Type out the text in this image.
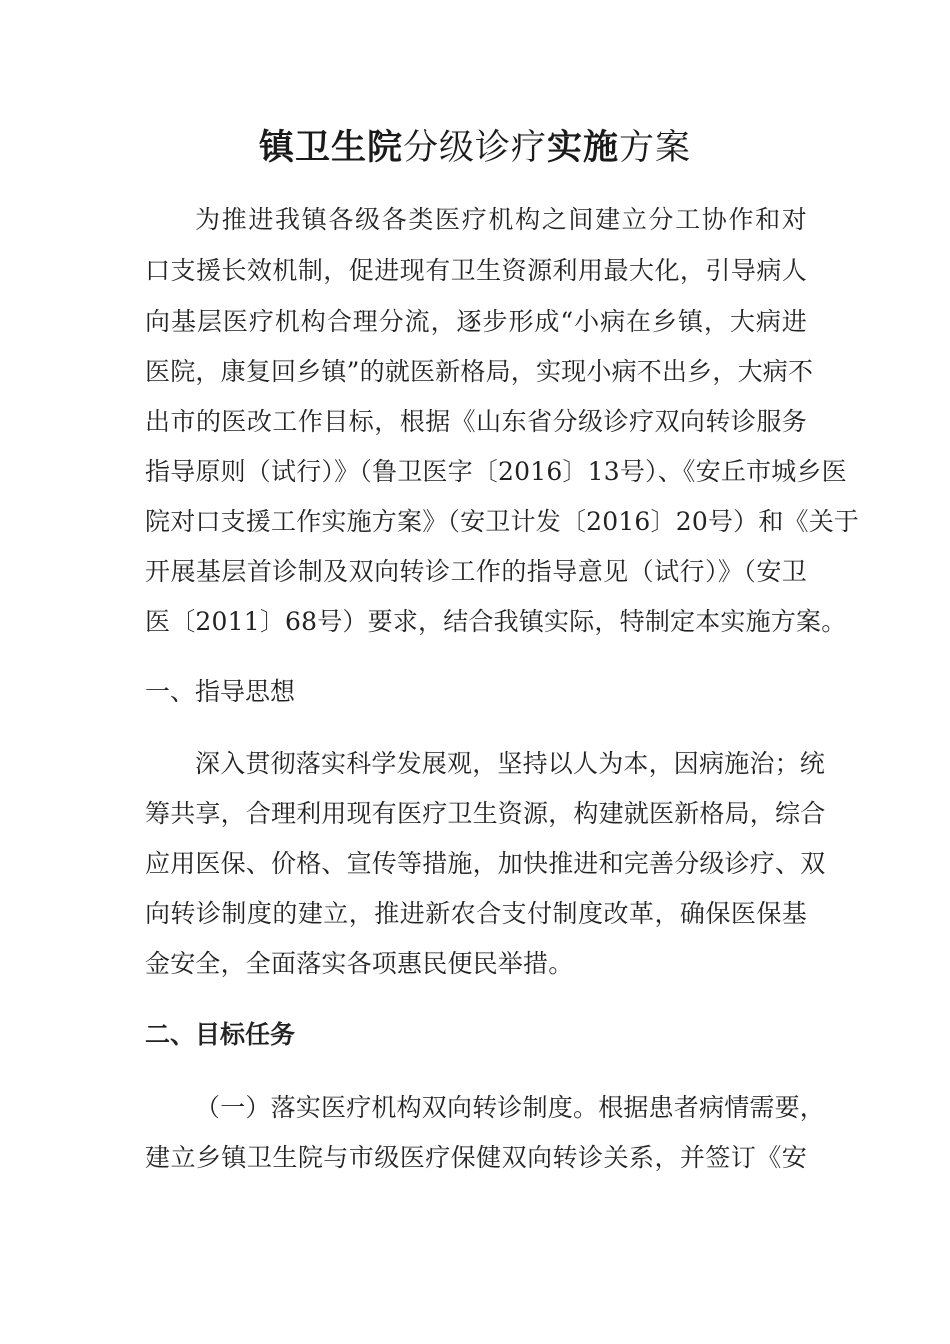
镇卫生院分级诊疗实施方案
为推进我镇各级各类医疗机构之间建立分工协作和对
口支援长效机制，促进现有卫生资源利用最大化，引导病人
向基层医疗机构合理分流，逐步形成“小病在乡镇，大病进
医院，康复回乡镇”的就医新格局，实现小病不出乡，大病不
出市的医改工作目标，根据《山东省分级诊疗双向转诊服务
指导原则（试行）》（鲁卫医字〔2016〕13号）、《安丘市城乡医
院对口支援工作实施方案》（安卫计发〔2016〕20号）和《关于
开展基层首诊制及双向转诊工作的指导意见（试行）》（安卫
医〔2011〕68号）要求，结合我镇实际，特制定本实施方案。
一、指导思想
深入贯彻落实科学发展观，坚持以人为本，因病施治；统
筹共享，合理利用现有医疗卫生资源，构建就医新格局，综合
应用医保、价格、宣传等措施，加快推进和完善分级诊疗、双
向转诊制度的建立，推进新农合支付制度改革，确保医保基
金安全，全面落实各项惠民便民举措。
二、目标任务
（一）落实医疗机构双向转诊制度。根据患者病情需要，
建立乡镇卫生院与市级医疗保健双向转诊关系，并签订《安
